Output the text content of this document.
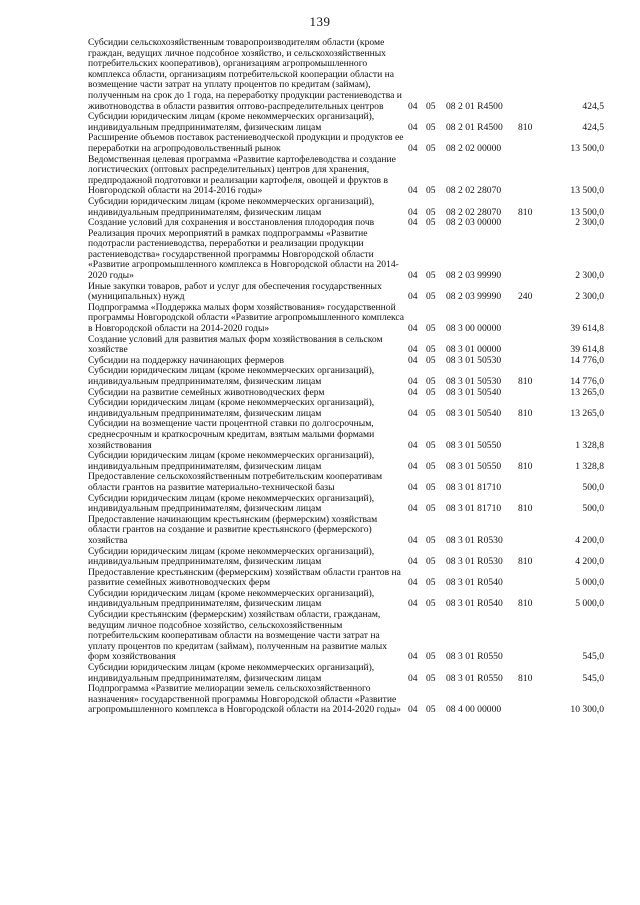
139
Субсидии сельскохозяйственным товаропроизводителям области (кроме граждан, ведущих личное подсобное хозяйство, и сельскохозяйственных потребительских кооперативов), организациям агропромышленного комплекса области, организациям потребительской кооперации области на возмещение части затрат на уплату процентов по кредитам (займам), полученным на срок до 1 года, на переработку продукции растениеводства и животноводства в области развития оптово-распределительных центров	04	05	08 2 01 R4500		424,5
Субсидии юридическим лицам (кроме некоммерческих организаций), индивидуальным предпринимателям, физическим лицам	04	05	08 2 01 R4500	810	424,5
Расширение объемов поставок растениеводческой продукции и продуктов ее переработки на агропродовольственный рынок	04	05	08 2 02 00000		13 500,0
Ведомственная целевая программа «Развитие картофелеводства и создание логистических (оптовых распределительных) центров для хранения, предпродажной подготовки и реализации картофеля, овощей и фруктов в Новгородской области на 2014-2016 годы»	04	05	08 2 02 28070		13 500,0
Субсидии юридическим лицам (кроме некоммерческих организаций), индивидуальным предпринимателям, физическим лицам	04	05	08 2 02 28070	810	13 500,0
Создание условий для сохранения и восстановления плодородия почв	04	05	08 2 03 00000		2 300,0
Реализация прочих мероприятий в рамках подпрограммы «Развитие подотрасли растениеводства, переработки и реализации продукции растениеводства» государственной программы Новгородской области «Развитие агропромышленного комплекса в Новгородской области на 2014-2020 годы»	04	05	08 2 03 99990		2 300,0
Иные закупки товаров, работ и услуг для обеспечения государственных (муниципальных) нужд	04	05	08 2 03 99990	240	2 300,0
Подпрограмма «Поддержка малых форм хозяйствования» государственной программы Новгородской области «Развитие агропромышленного комплекса в Новгородской области на 2014-2020 годы»	04	05	08 3 00 00000		39 614,8
Создание условий для развития малых форм хозяйствования в сельском хозяйстве	04	05	08 3 01 00000		39 614,8
Субсидии на поддержку начинающих фермеров	04	05	08 3 01 50530		14 776,0
Субсидии юридическим лицам (кроме некоммерческих организаций), индивидуальным предпринимателям, физическим лицам	04	05	08 3 01 50530	810	14 776,0
Субсидии на развитие семейных животноводческих ферм	04	05	08 3 01 50540		13 265,0
Субсидии юридическим лицам (кроме некоммерческих организаций), индивидуальным предпринимателям, физическим лицам	04	05	08 3 01 50540	810	13 265,0
Субсидии на возмещение части процентной ставки по долгосрочным, среднесрочным и краткосрочным кредитам, взятым малыми формами хозяйствования	04	05	08 3 01 50550		1 328,8
Субсидии юридическим лицам (кроме некоммерческих организаций), индивидуальным предпринимателям, физическим лицам	04	05	08 3 01 50550	810	1 328,8
Предоставление сельскохозяйственным потребительским кооперативам области грантов на развитие материально-технической базы	04	05	08 3 01 81710		500,0
Субсидии юридическим лицам (кроме некоммерческих организаций), индивидуальным предпринимателям, физическим лицам	04	05	08 3 01 81710	810	500,0
Предоставление начинающим крестьянским (фермерским) хозяйствам области грантов на создание и развитие крестьянского (фермерского) хозяйства	04	05	08 3 01 R0530		4 200,0
Субсидии юридическим лицам (кроме некоммерческих организаций), индивидуальным предпринимателям, физическим лицам	04	05	08 3 01 R0530	810	4 200,0
Предоставление крестьянским (фермерским) хозяйствам области грантов на развитие семейных животноводческих ферм	04	05	08 3 01 R0540		5 000,0
Субсидии юридическим лицам (кроме некоммерческих организаций), индивидуальным предпринимателям, физическим лицам	04	05	08 3 01 R0540	810	5 000,0
Субсидии крестьянским (фермерским) хозяйствам области, гражданам, ведущим личное подсобное хозяйство, сельскохозяйственным потребительским кооперативам области на возмещение части затрат на уплату процентов по кредитам (займам), полученным на развитие малых форм хозяйствования	04	05	08 3 01 R0550		545,0
Субсидии юридическим лицам (кроме некоммерческих организаций), индивидуальным предпринимателям, физическим лицам	04	05	08 3 01 R0550	810	545,0
Подпрограмма «Развитие мелиорации земель сельскохозяйственного назначения» государственной программы Новгородской области «Развитие агропромышленного комплекса в Новгородской области на 2014-2020 годы»	04	05	08 4 00 00000		10 300,0
